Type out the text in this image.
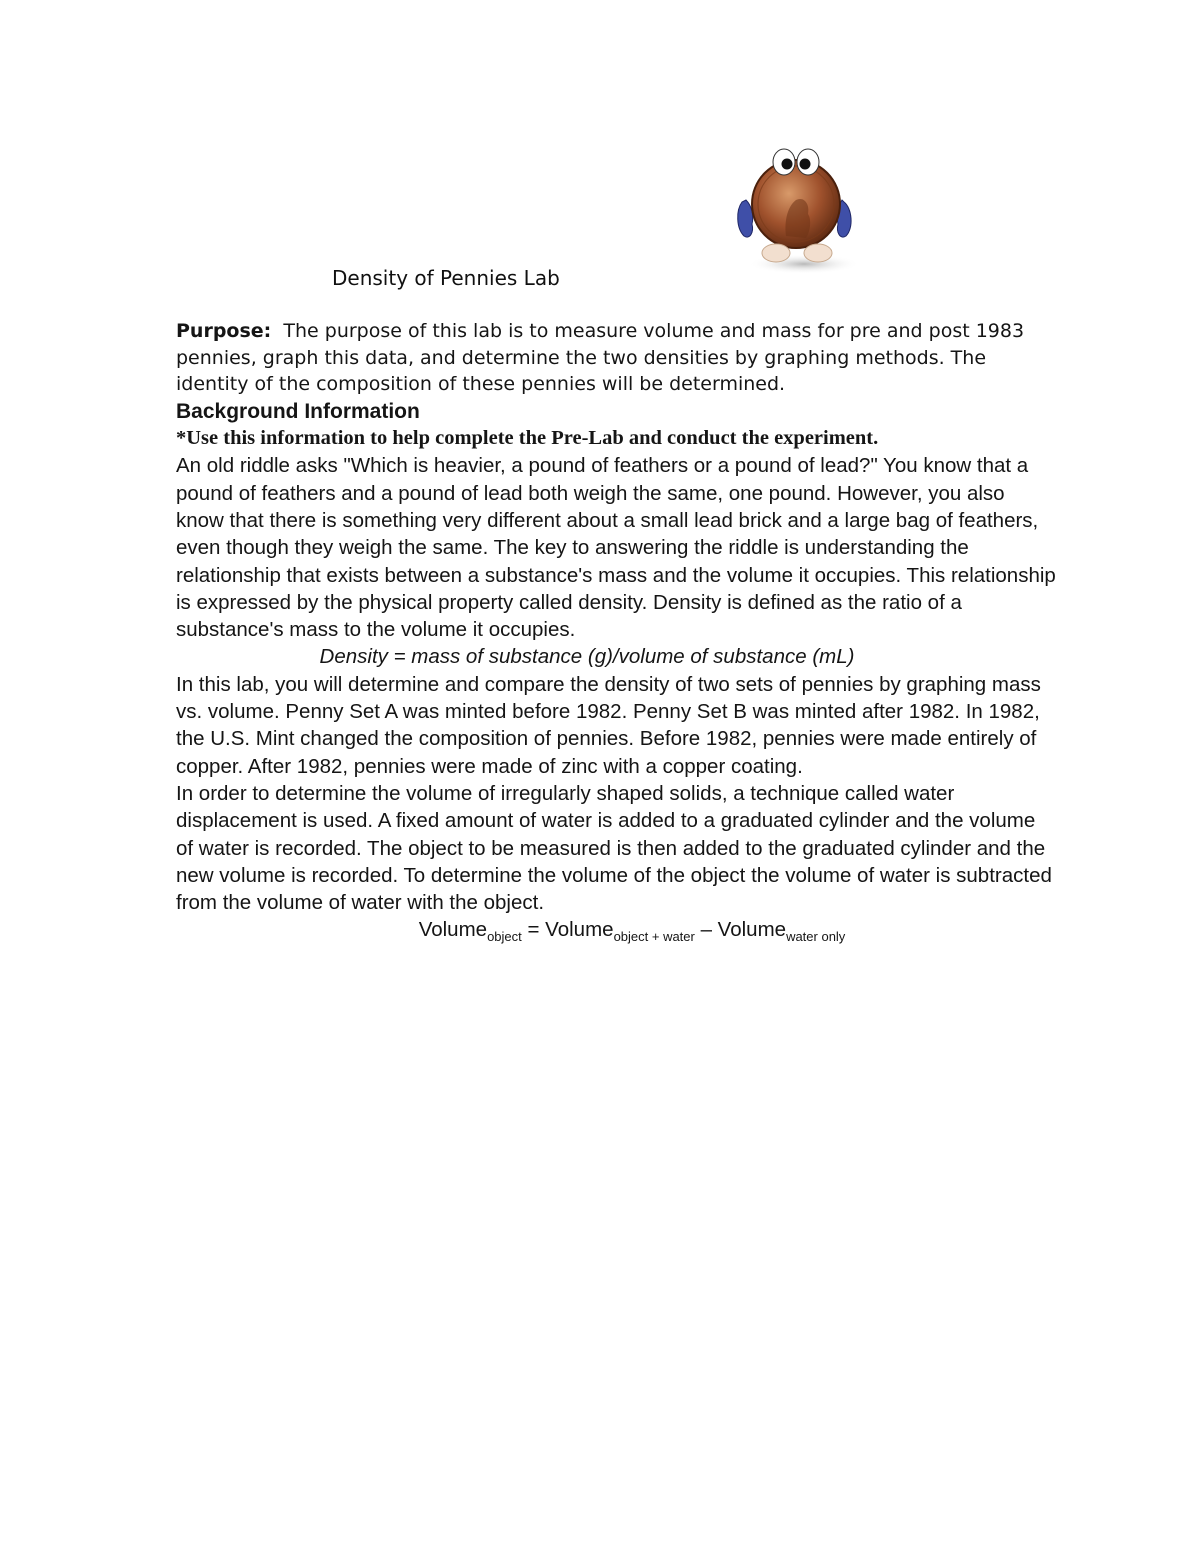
Density of Pennies Lab

Purpose: The purpose of this lab is to measure volume and mass for pre and post 1983 pennies, graph this data, and determine the two densities by graphing methods. The identity of the composition of these pennies will be determined.

Background Information

*Use this information to help complete the Pre-Lab and conduct the experiment.

An old riddle asks "Which is heavier, a pound of feathers or a pound of lead?" You know that a pound of feathers and a pound of lead both weigh the same, one pound. However, you also know that there is something very different about a small lead brick and a large bag of feathers, even though they weigh the same. The key to answering the riddle is understanding the relationship that exists between a substance's mass and the volume it occupies. This relationship is expressed by the physical property called density. Density is defined as the ratio of a substance's mass to the volume it occupies.

Density = mass of substance (g)/volume of substance (mL)

In this lab, you will determine and compare the density of two sets of pennies by graphing mass vs. volume. Penny Set A was minted before 1982. Penny Set B was minted after 1982. In 1982, the U.S. Mint changed the composition of pennies. Before 1982, pennies were made entirely of copper. After 1982, pennies were made of zinc with a copper coating.

In order to determine the volume of irregularly shaped solids, a technique called water displacement is used. A fixed amount of water is added to a graduated cylinder and the volume of water is recorded. The object to be measured is then added to the graduated cylinder and the new volume is recorded. To determine the volume of the object the volume of water is subtracted from the volume of water with the object.

Volume$_{object}$ = Volume$_{object + water}$ – Volume$_{water only}$
